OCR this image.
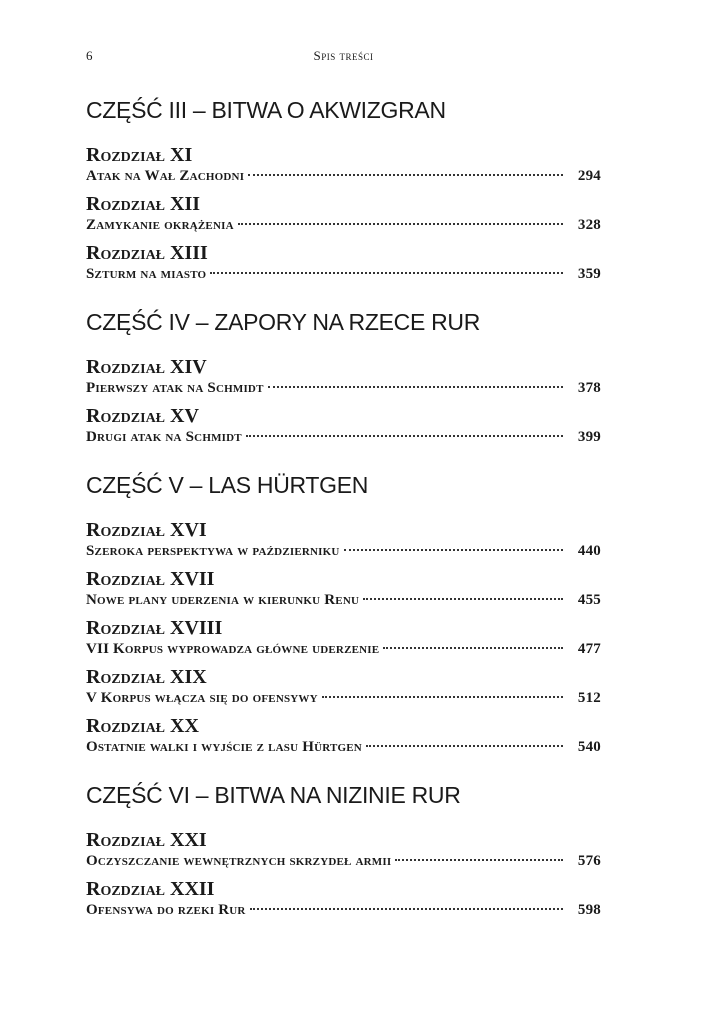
6	Spis treści
CZĘŚĆ III – BITWA O AKWIZGRAN
Rozdział XI
Atak na Wał Zachodni	294
Rozdział XII
Zamykanie okrążenia	328
Rozdział XIII
Szturm na miasto	359
CZĘŚĆ IV – ZAPORY NA RZECE RUR
Rozdział XIV
Pierwszy atak na Schmidt	378
Rozdział XV
Drugi atak na Schmidt	399
CZĘŚĆ V – LAS HÜRTGEN
Rozdział XVI
Szeroka perspektywa w październiku	440
Rozdział XVII
Nowe plany uderzenia w kierunku Renu	455
Rozdział XVIII
VII Korpus wyprowadza główne uderzenie	477
Rozdział XIX
V Korpus włącza się do ofensywy	512
Rozdział XX
Ostatnie walki i wyjście z lasu Hürtgen	540
CZĘŚĆ VI – BITWA NA NIZINIE RUR
Rozdział XXI
Oczyszczanie wewnętrznych skrzydeł armii	576
Rozdział XXII
Ofensywa do rzeki Rur	598
